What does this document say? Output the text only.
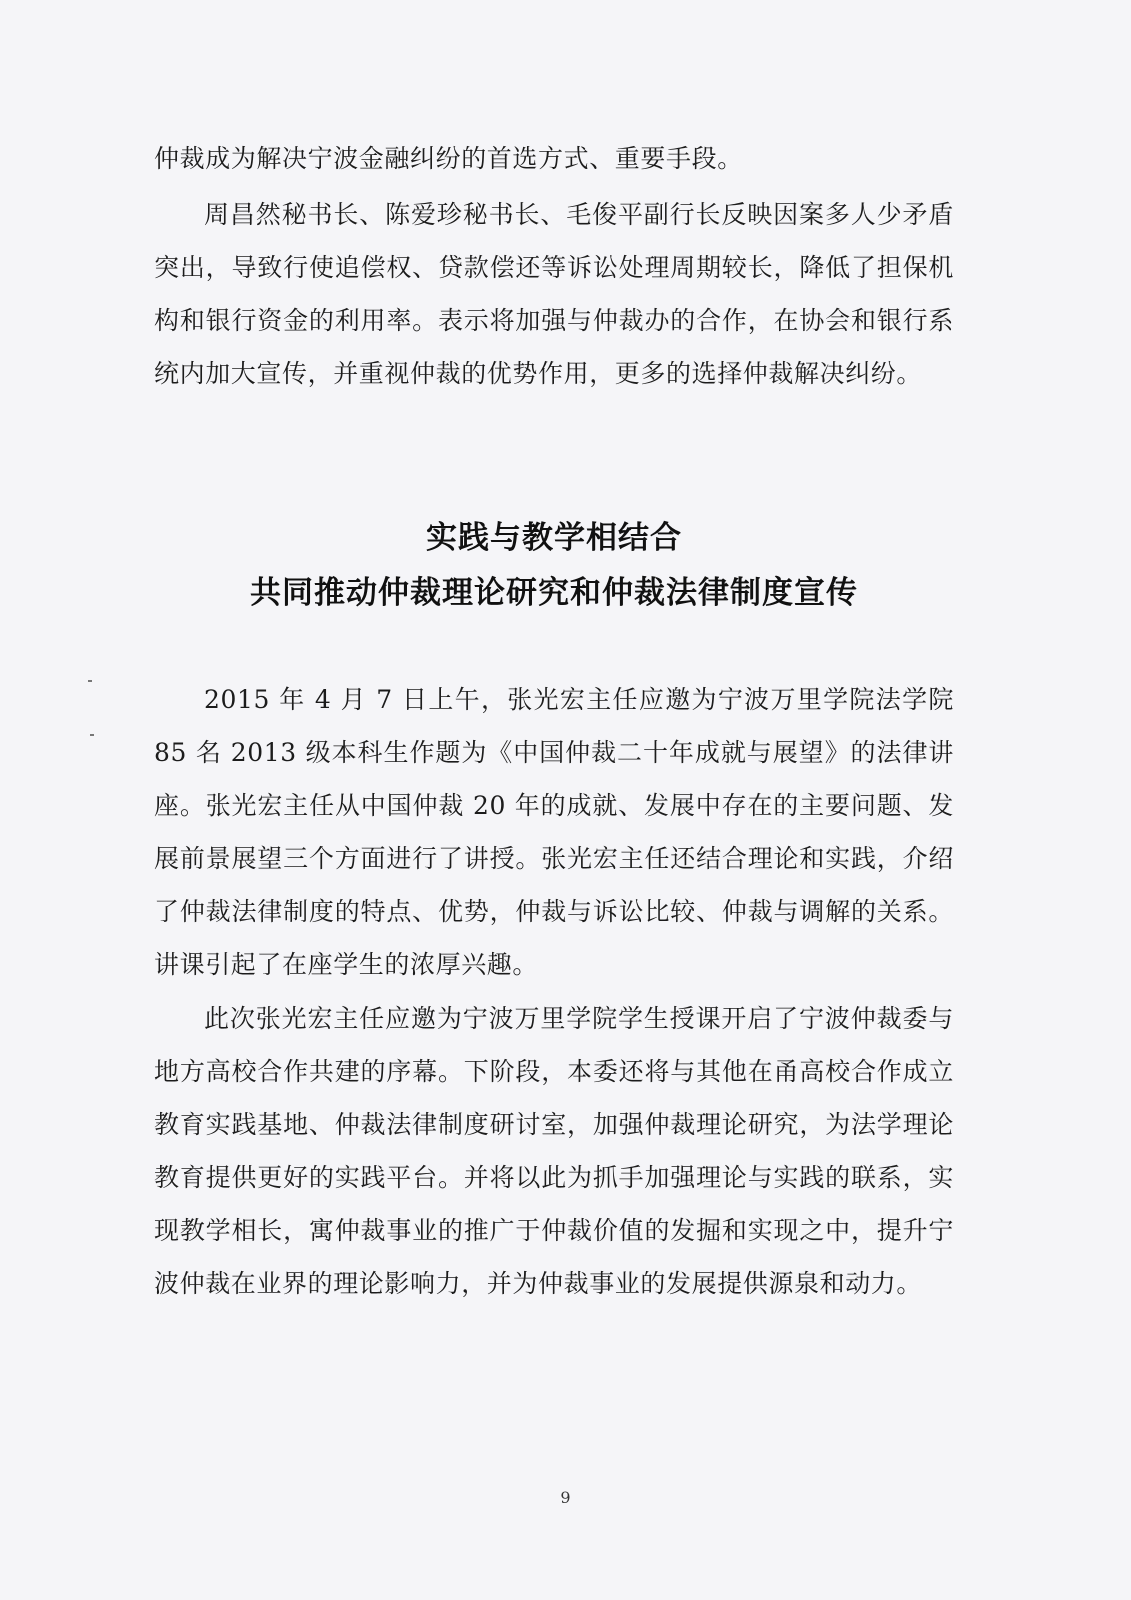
仲裁成为解决宁波金融纠纷的首选方式、重要手段。

周昌然秘书长、陈爱珍秘书长、毛俊平副行长反映因案多人少矛盾突出，导致行使追偿权、贷款偿还等诉讼处理周期较长，降低了担保机构和银行资金的利用率。表示将加强与仲裁办的合作，在协会和银行系统内加大宣传，并重视仲裁的优势作用，更多的选择仲裁解决纠纷。

实践与教学相结合
共同推动仲裁理论研究和仲裁法律制度宣传

2015 年 4 月 7 日上午，张光宏主任应邀为宁波万里学院法学院 85 名 2013 级本科生作题为《中国仲裁二十年成就与展望》的法律讲座。张光宏主任从中国仲裁 20 年的成就、发展中存在的主要问题、发展前景展望三个方面进行了讲授。张光宏主任还结合理论和实践，介绍了仲裁法律制度的特点、优势，仲裁与诉讼比较、仲裁与调解的关系。讲课引起了在座学生的浓厚兴趣。

此次张光宏主任应邀为宁波万里学院学生授课开启了宁波仲裁委与地方高校合作共建的序幕。下阶段，本委还将与其他在甬高校合作成立教育实践基地、仲裁法律制度研讨室，加强仲裁理论研究，为法学理论教育提供更好的实践平台。并将以此为抓手加强理论与实践的联系，实现教学相长，寓仲裁事业的推广于仲裁价值的发掘和实现之中，提升宁波仲裁在业界的理论影响力，并为仲裁事业的发展提供源泉和动力。

9
